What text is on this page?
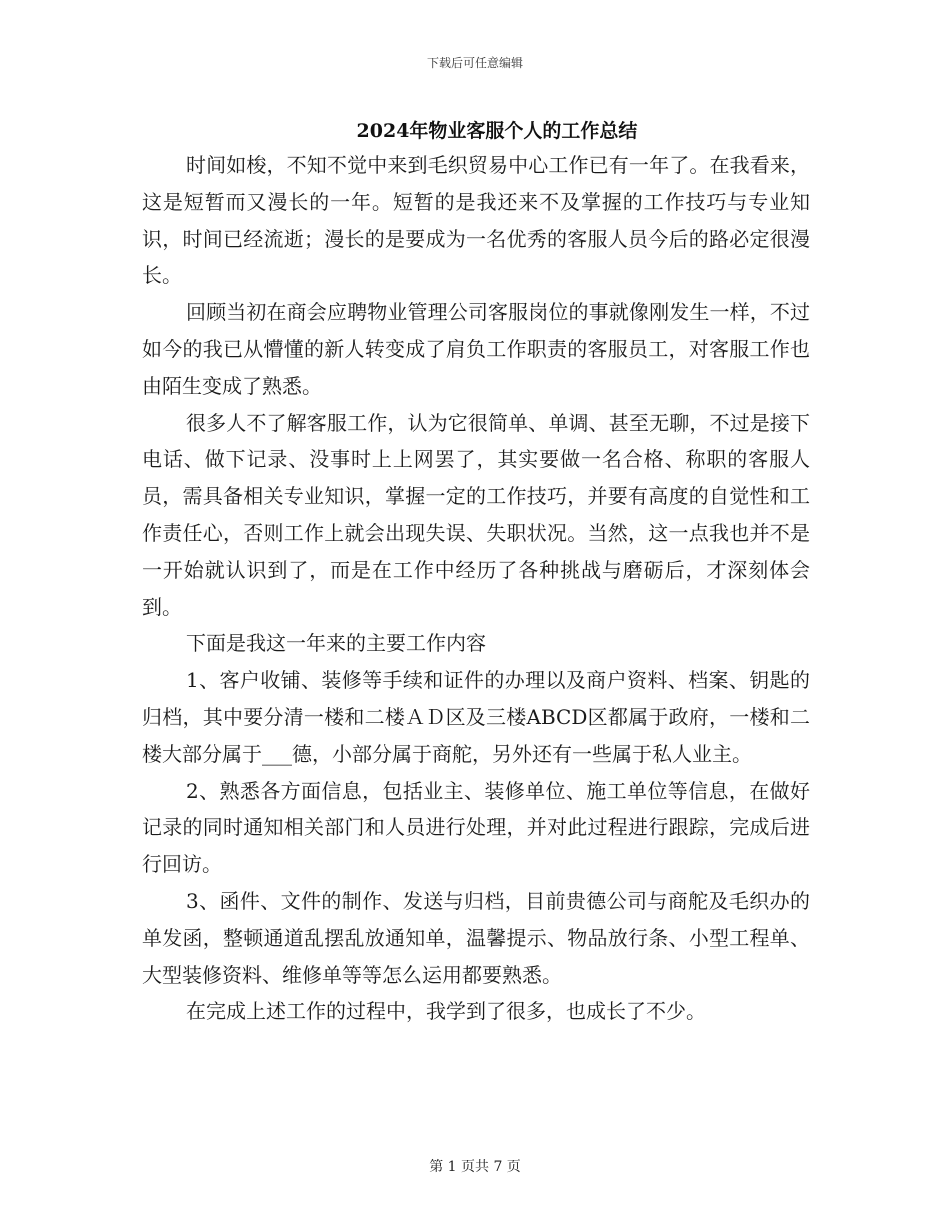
下载后可任意编辑
2024年物业客服个人的工作总结

时间如梭，不知不觉中来到毛织贸易中心工作已有一年了。在我看来，这是短暂而又漫长的一年。短暂的是我还来不及掌握的工作技巧与专业知识，时间已经流逝；漫长的是要成为一名优秀的客服人员今后的路必定很漫长。

回顾当初在商会应聘物业管理公司客服岗位的事就像刚发生一样，不过如今的我已从懵懂的新人转变成了肩负工作职责的客服员工，对客服工作也由陌生变成了熟悉。

很多人不了解客服工作，认为它很简单、单调、甚至无聊，不过是接下电话、做下记录、没事时上上网罢了，其实要做一名合格、称职的客服人员，需具备相关专业知识，掌握一定的工作技巧，并要有高度的自觉性和工作责任心，否则工作上就会出现失误、失职状况。当然，这一点我也并不是一开始就认识到了，而是在工作中经历了各种挑战与磨砺后，才深刻体会到。

下面是我这一年来的主要工作内容

1、客户收铺、装修等手续和证件的办理以及商户资料、档案、钥匙的归档，其中要分清一楼和二楼ＡＤ区及三楼ABCD区都属于政府，一楼和二楼大部分属于___德，小部分属于商舵，另外还有一些属于私人业主。

2、熟悉各方面信息，包括业主、装修单位、施工单位等信息，在做好记录的同时通知相关部门和人员进行处理，并对此过程进行跟踪，完成后进行回访。

3、函件、文件的制作、发送与归档，目前贵德公司与商舵及毛织办的单发函，整顿通道乱摆乱放通知单，温馨提示、物品放行条、小型工程单、大型装修资料、维修单等等怎么运用都要熟悉。

在完成上述工作的过程中，我学到了很多，也成长了不少。

第 1 页共 7 页
